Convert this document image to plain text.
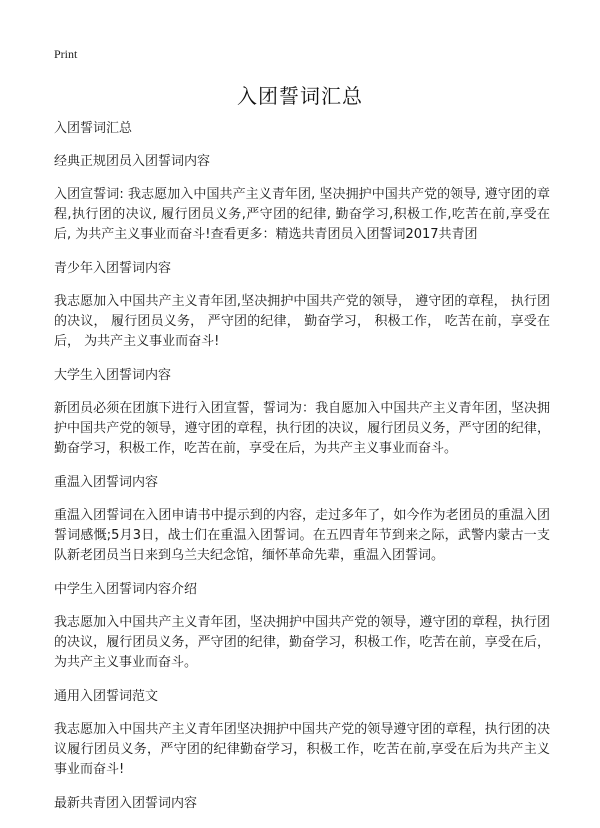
Print
入团誓词汇总

入团誓词汇总

经典正规团员入团誓词内容

入团宣誓词: 我志愿加入中国共产主义青年团, 坚决拥护中国共产党的领导, 遵守团的章程,执行团的决议, 履行团员义务,严守团的纪律, 勤奋学习,积极工作,吃苦在前,享受在后, 为共产主义事业而奋斗!查看更多：精选共青团员入团誓词2017共青团

青少年入团誓词内容

我志愿加入中国共产主义青年团,坚决拥护中国共产党的领导， 遵守团的章程， 执行团的决议， 履行团员义务， 严守团的纪律， 勤奋学习， 积极工作， 吃苦在前，享受在后， 为共产主义事业而奋斗!

大学生入团誓词内容

新团员必须在团旗下进行入团宣誓，誓词为：我自愿加入中国共产主义青年团，坚决拥护中国共产党的领导，遵守团的章程，执行团的决议，履行团员义务，严守团的纪律，勤奋学习，积极工作，吃苦在前，享受在后，为共产主义事业而奋斗。

重温入团誓词内容

重温入团誓词在入团申请书中提示到的内容，走过多年了，如今作为老团员的重温入团誓词感慨;5月3日，战士们在重温入团誓词。在五四青年节到来之际，武警内蒙古一支队新老团员当日来到乌兰夫纪念馆，缅怀革命先辈，重温入团誓词。

中学生入团誓词内容介绍

我志愿加入中国共产主义青年团，坚决拥护中国共产党的领导，遵守团的章程，执行团的决议，履行团员义务，严守团的纪律，勤奋学习，积极工作，吃苦在前，享受在后，为共产主义事业而奋斗。

通用入团誓词范文

我志愿加入中国共产主义青年团坚决拥护中国共产党的领导遵守团的章程，执行团的决议履行团员义务，严守团的纪律勤奋学习，积极工作，吃苦在前,享受在后为共产主义事业而奋斗!

最新共青团入团誓词内容
